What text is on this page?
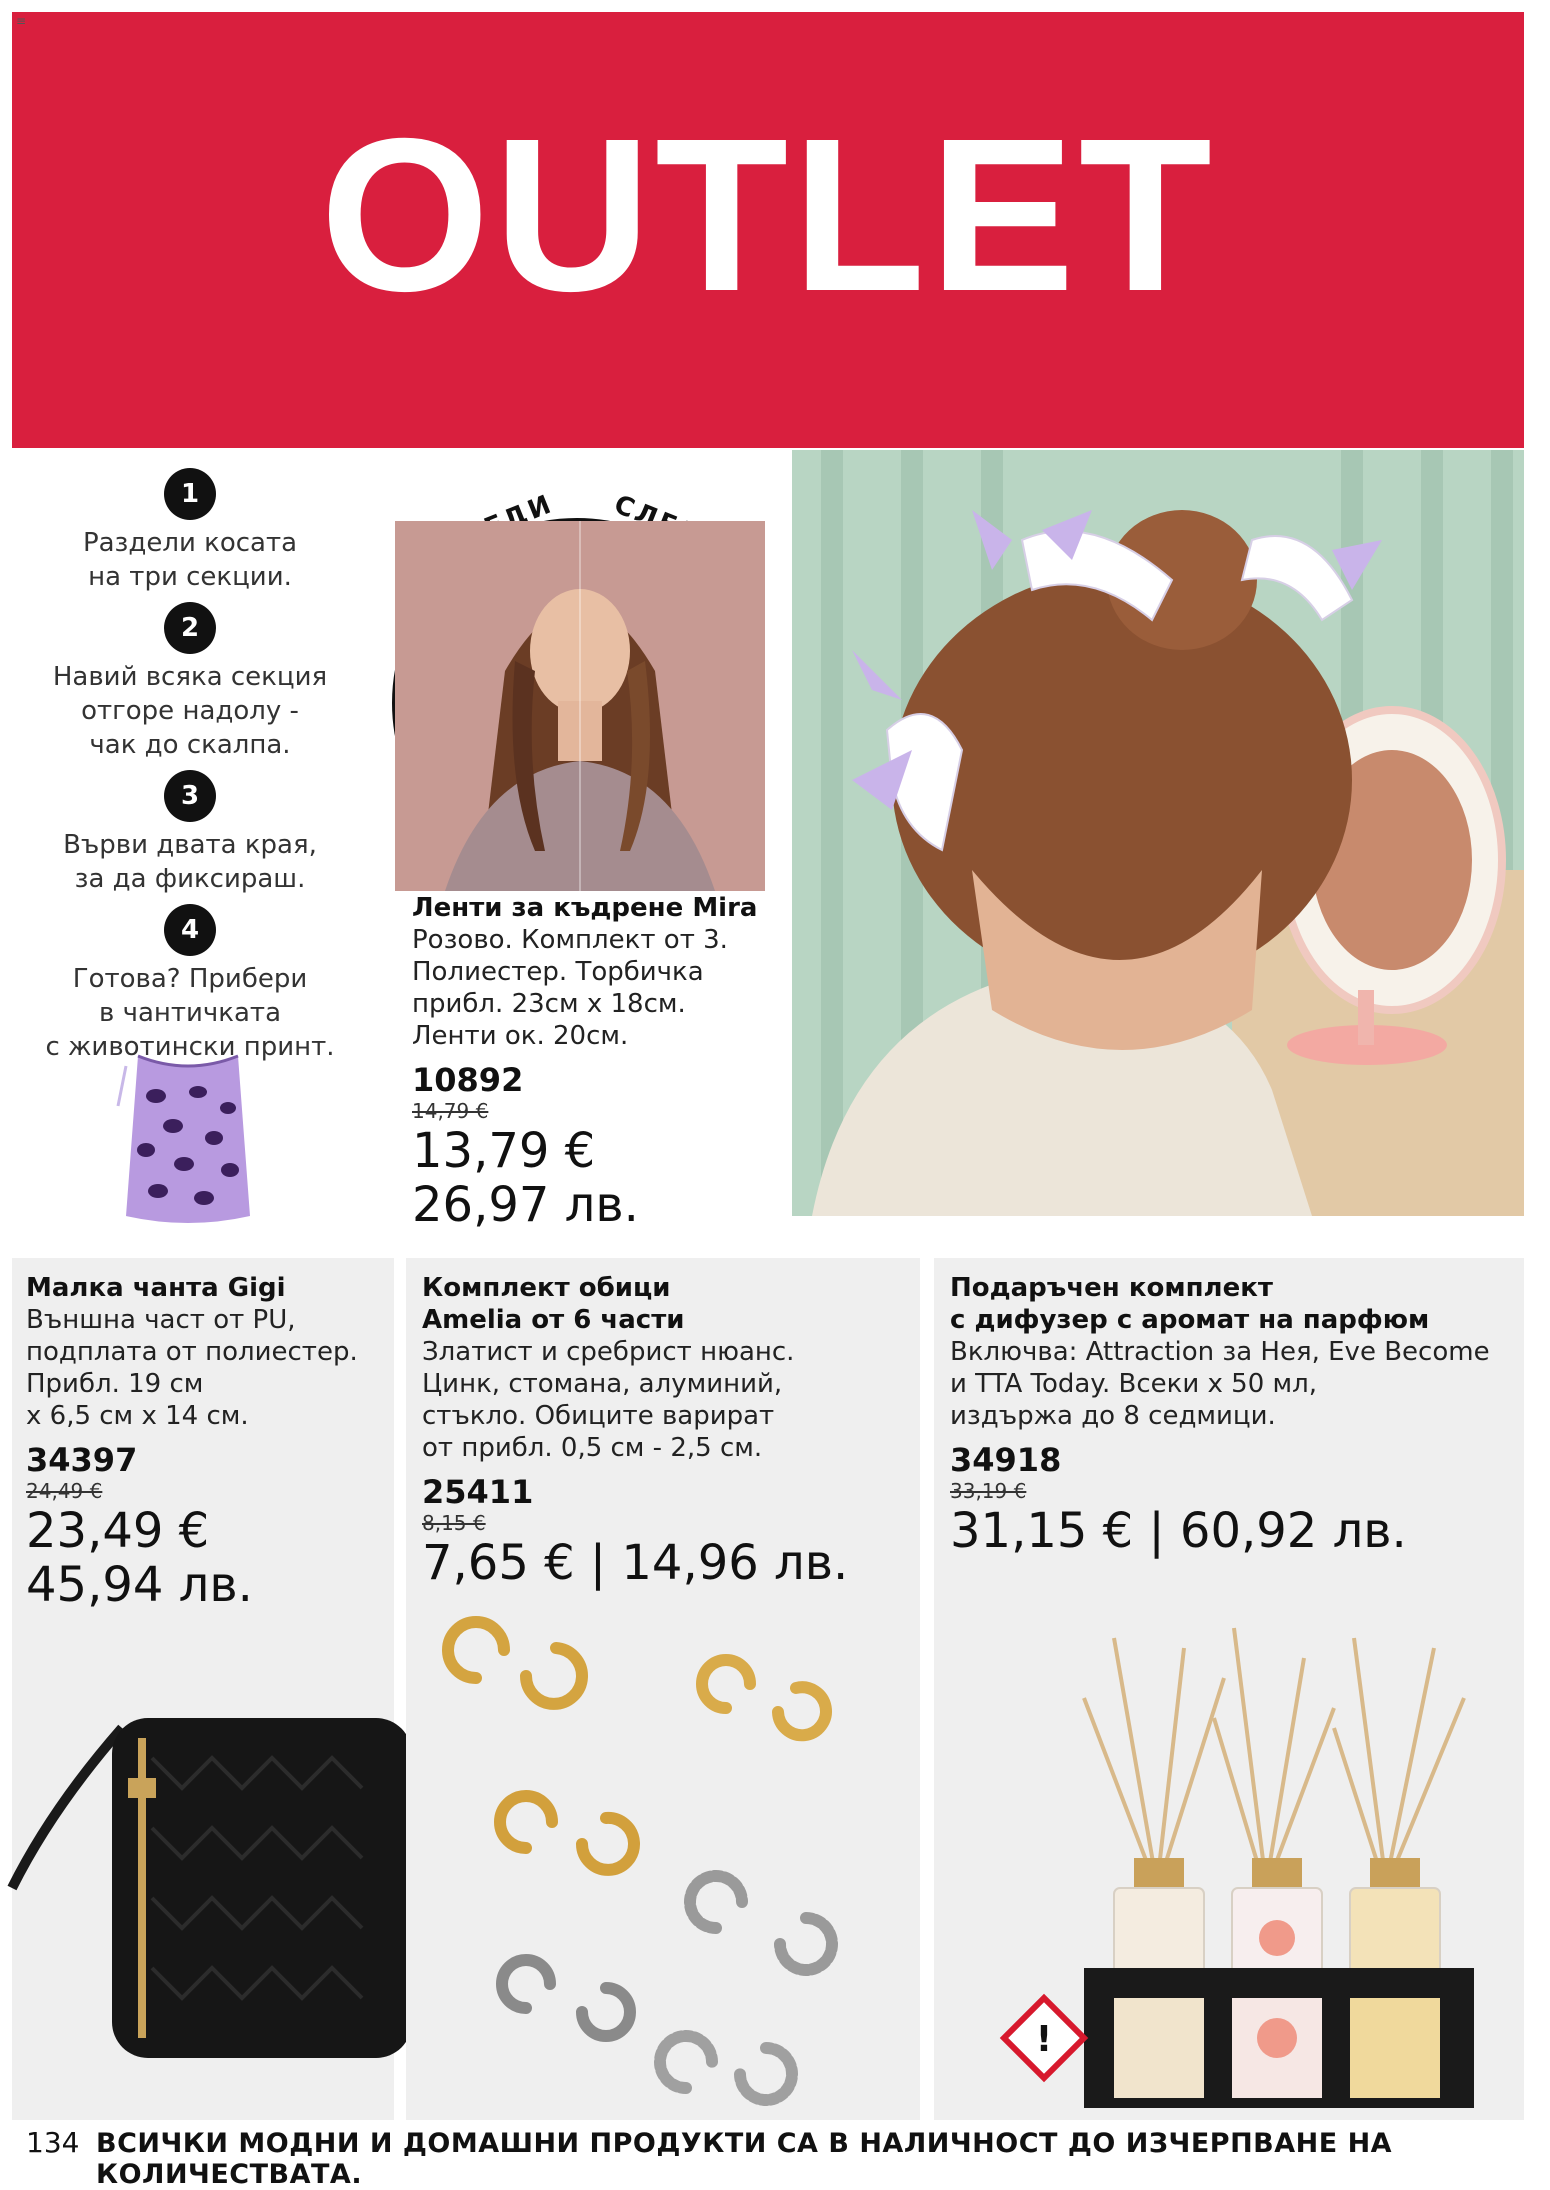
OUTLET
≡
1
Раздели косата
на три секции.
2
Навий всяка секция
отгоре надолу -
чак до скалпа.
3
Върви двата края,
за да фиксираш.
4
Готова? Прибери
в чантичката
с животински принт.
Ленти за къдрене Mira
Розово. Комплект от 3.
Полиестер. Торбичка
прибл. 23см х 18см.
Ленти ок. 20см.
10892
14,79 €
13,79 €
26,97 лв.
Малка чанта Gigi
Външна част от PU,
подплата от полиестер.
Прибл. 19 см
х 6,5 см х 14 см.
34397
24,49 €
23,49 €
45,94 лв.
Комплект обици
Amelia от 6 части
Златист и сребрист нюанс.
Цинк, стомана, алуминий,
стъкло. Обиците варират
от прибл. 0,5 см - 2,5 см.
25411
8,15 €
7,65 € | 14,96 лв.
Подаръчен комплект
с дифузер с аромат на парфюм
Включва: Attraction за Нея, Eve Become
и TTA Today. Всеки х 50 мл,
издържа до 8 седмици.
34918
33,19 €
31,15 € | 60,92 лв.
!
134 ВСИЧКИ МОДНИ И ДОМАШНИ ПРОДУКТИ СА В НАЛИЧНОСТ ДО ИЗЧЕРПВАНЕ НА КОЛИЧЕСТВАТА.
